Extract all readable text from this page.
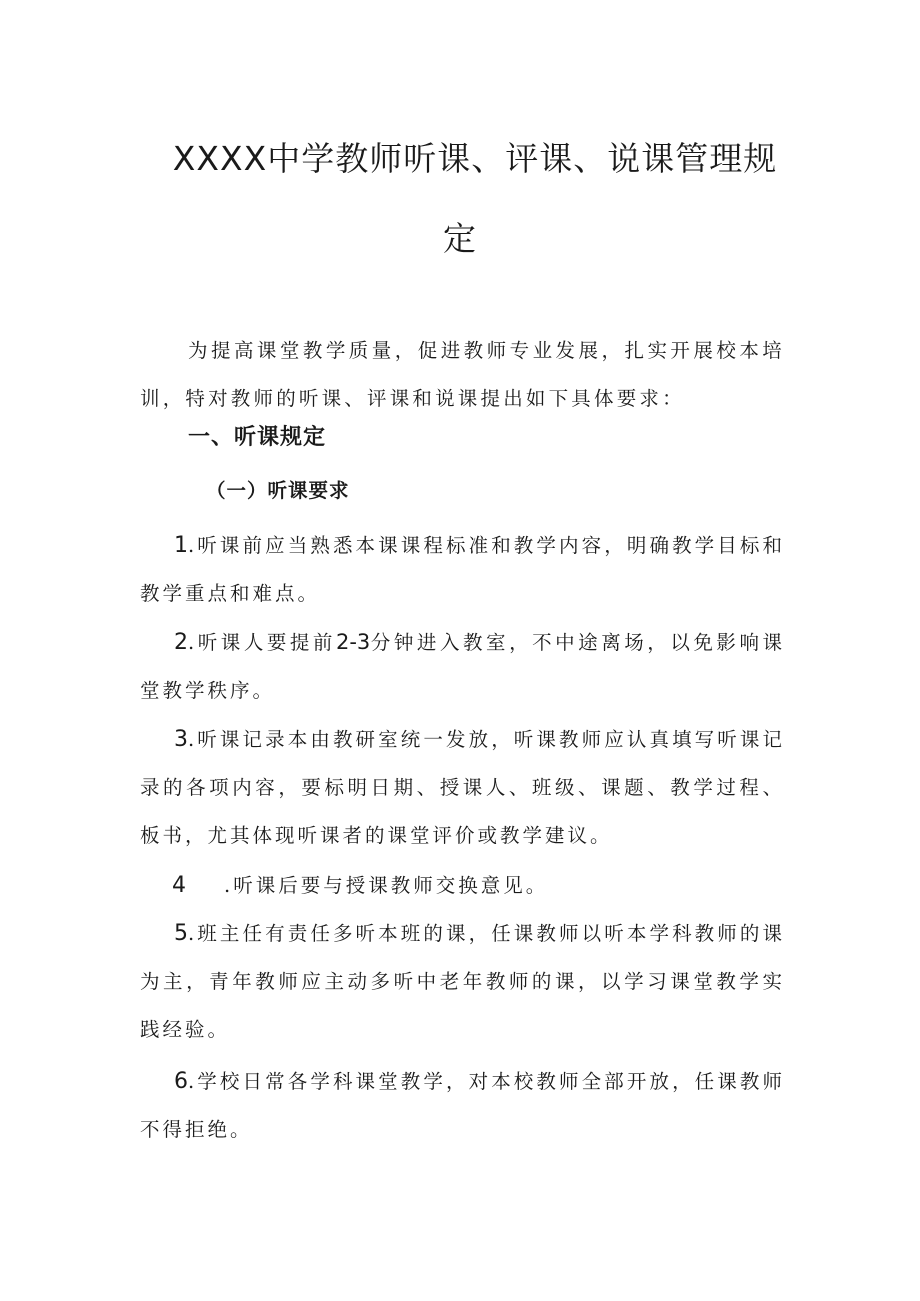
XXXX中学教师听课、评课、说课管理规
定

为提高课堂教学质量，促进教师专业发展，扎实开展校本培训，特对教师的听课、评课和说课提出如下具体要求：

一、听课规定
（一）听课要求

1.听课前应当熟悉本课课程标准和教学内容，明确教学目标和教学重点和难点。

2.听课人要提前2-3分钟进入教室，不中途离场，以免影响课堂教学秩序。

3.听课记录本由教研室统一发放，听课教师应认真填写听课记录的各项内容，要标明日期、授课人、班级、课题、教学过程、板书，尤其体现听课者的课堂评价或教学建议。

4 .听课后要与授课教师交换意见。

5.班主任有责任多听本班的课，任课教师以听本学科教师的课为主，青年教师应主动多听中老年教师的课，以学习课堂教学实践经验。

6.学校日常各学科课堂教学，对本校教师全部开放，任课教师不得拒绝。
